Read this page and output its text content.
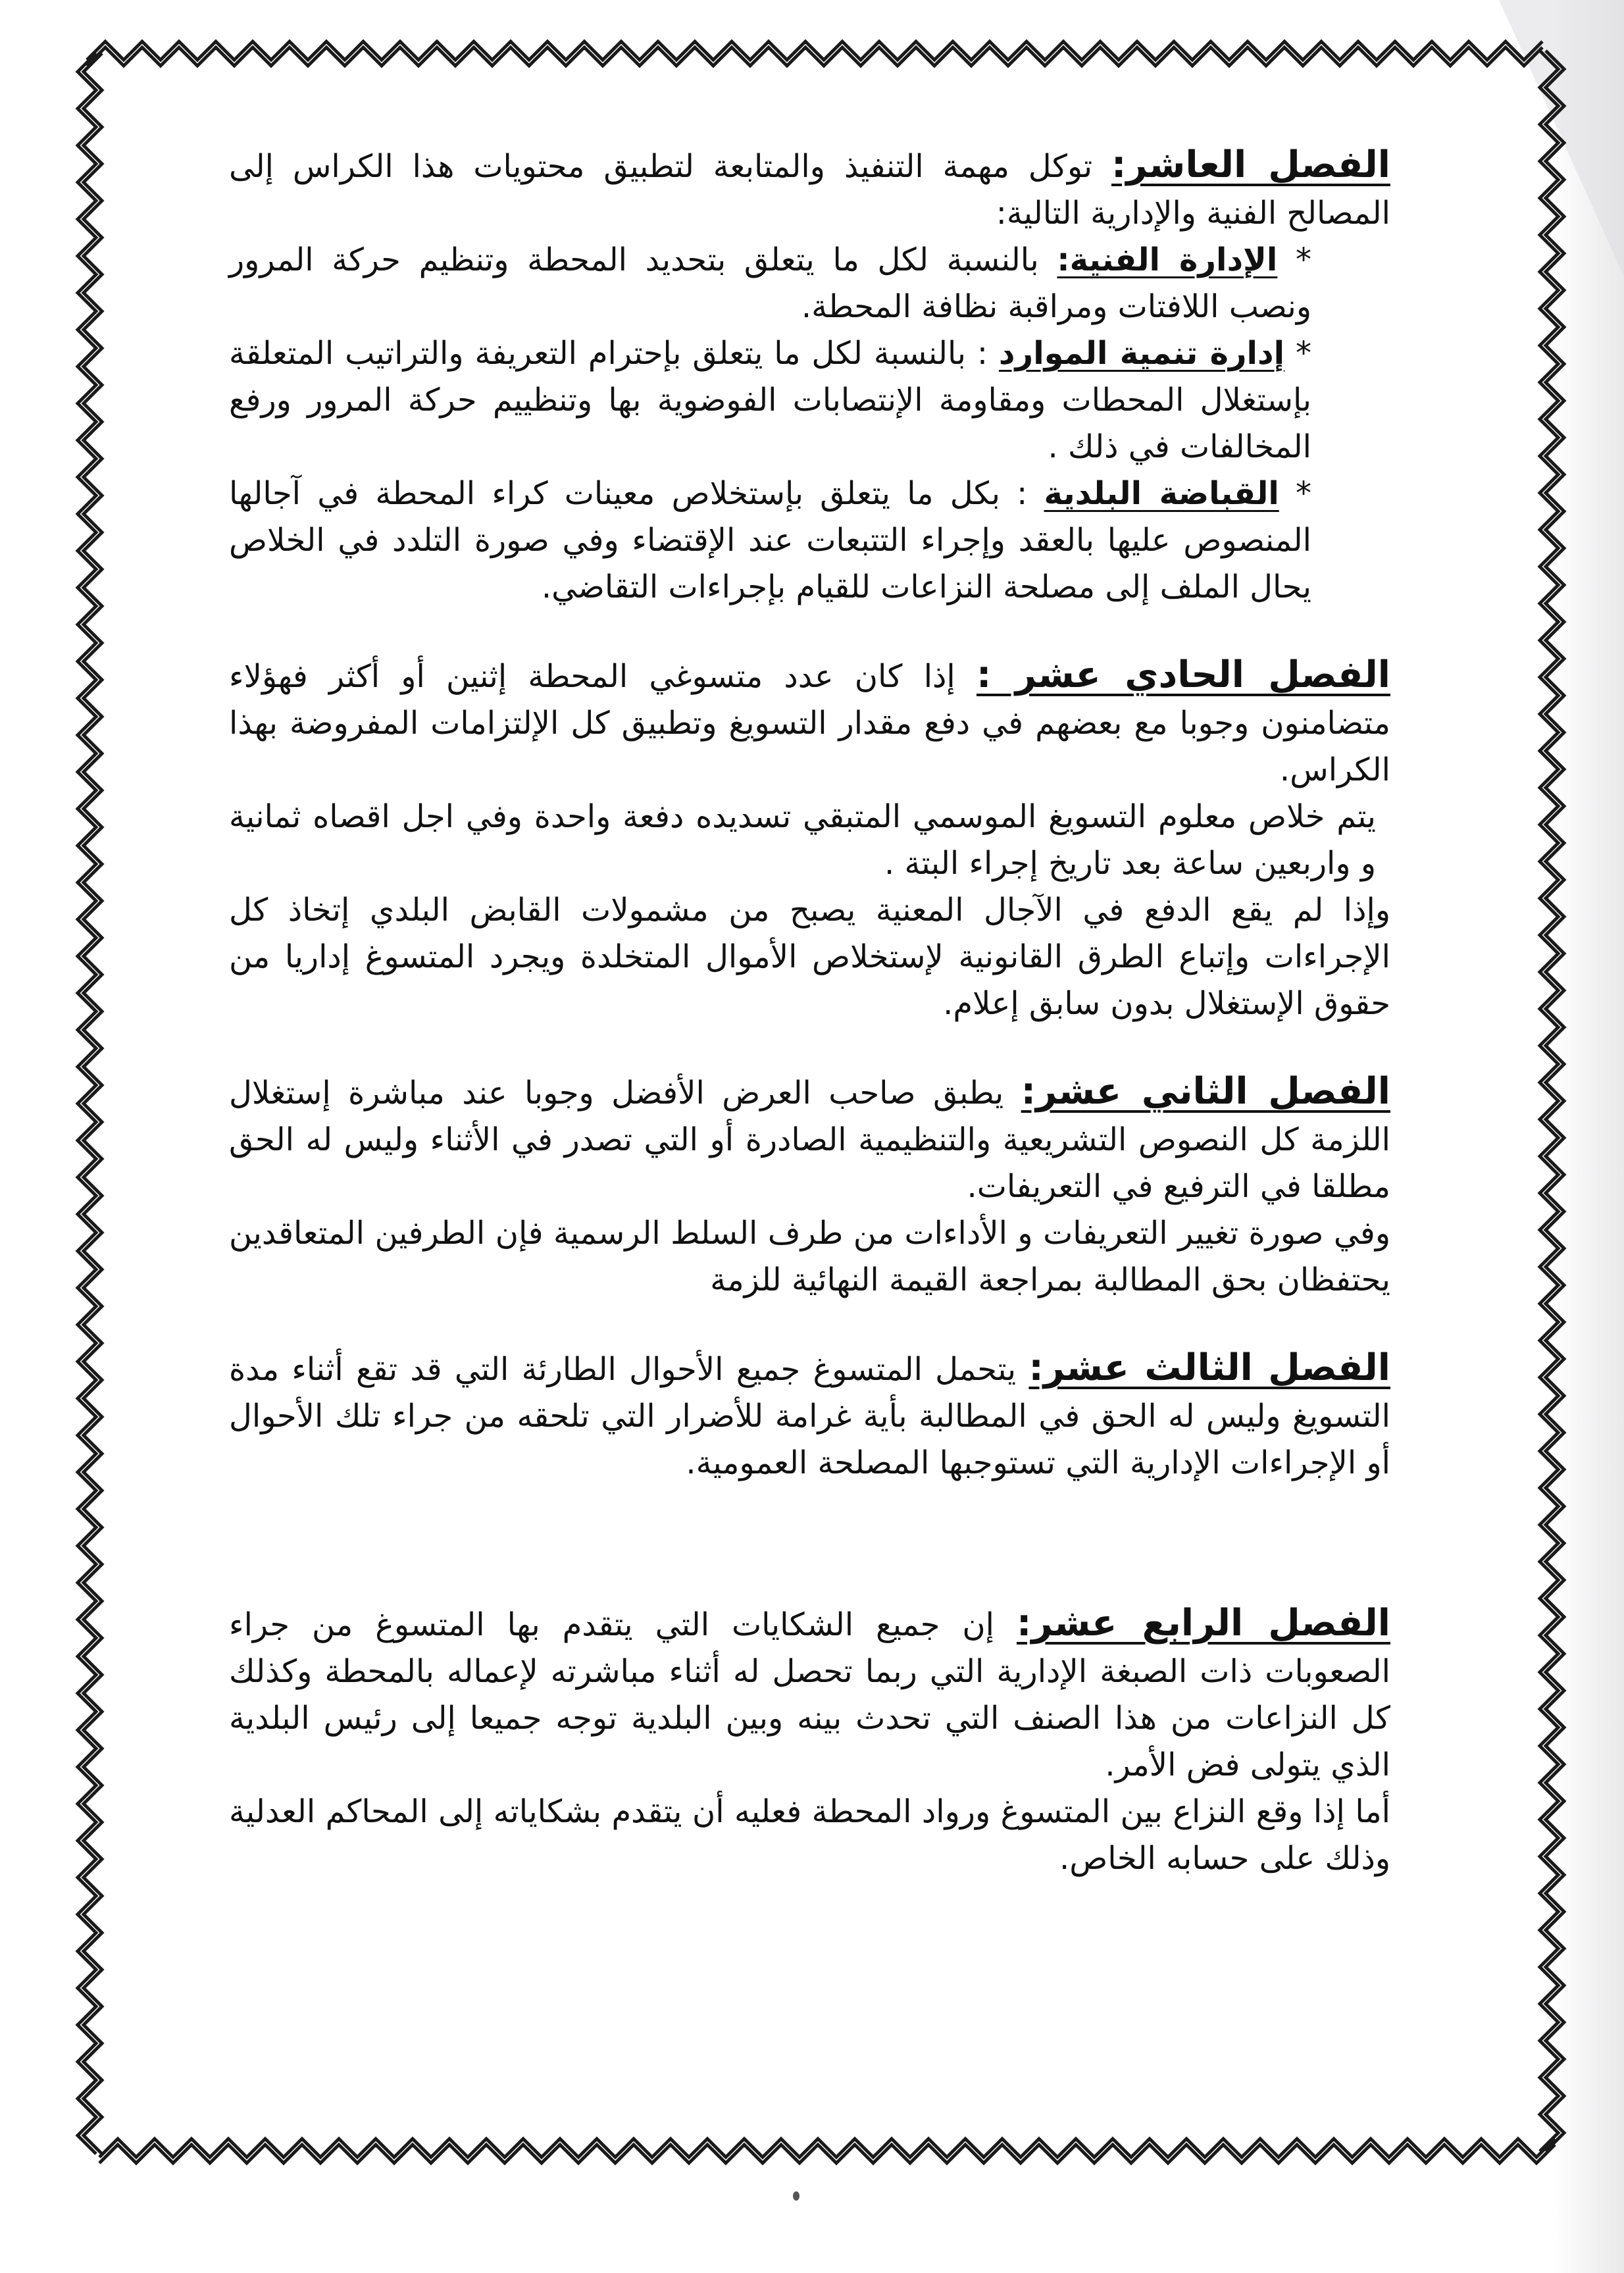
الفصل العاشر: توكل مهمة التنفيذ والمتابعة لتطبيق محتويات هذا الكراس إلى المصالح الفنية والإدارية التالية:

* الإدارة الفنية: بالنسبة لكل ما يتعلق بتحديد المحطة وتنظيم حركة المرور ونصب اللافتات ومراقبة نظافة المحطة.

* إدارة تنمية الموارد : بالنسبة لكل ما يتعلق بإحترام التعريفة والتراتيب المتعلقة بإستغلال المحطات ومقاومة الإنتصابات الفوضوية بها وتنظييم حركة المرور ورفع المخالفات في ذلك .

* القباضة البلدية : بكل ما يتعلق بإستخلاص معينات كراء المحطة في آجالها المنصوص عليها بالعقد وإجراء التتبعات عند الإقتضاء وفي صورة التلدد في الخلاص يحال الملف إلى مصلحة النزاعات للقيام بإجراءات التقاضي.

الفصل الحادي عشر : إذا كان عدد متسوغي المحطة إثنين أو أكثر فهؤلاء متضامنون وجوبا مع بعضهم في دفع مقدار التسويغ وتطبيق كل الإلتزامات المفروضة بهذا الكراس.

يتم خلاص معلوم التسويغ الموسمي المتبقي تسديده دفعة واحدة وفي اجل اقصاه ثمانية و واربعين ساعة بعد تاريخ إجراء البتة .

وإذا لم يقع الدفع في الآجال المعنية يصبح من مشمولات القابض البلدي إتخاذ كل الإجراءات وإتباع الطرق القانونية لإستخلاص الأموال المتخلدة ويجرد المتسوغ إداريا من حقوق الإستغلال بدون سابق إعلام.

الفصل الثاني عشر: يطبق صاحب العرض الأفضل وجوبا عند مباشرة إستغلال اللزمة كل النصوص التشريعية والتنظيمية الصادرة أو التي تصدر في الأثناء وليس له الحق مطلقا في الترفيع في التعريفات.

وفي صورة تغيير التعريفات و الأداءات من طرف السلط الرسمية فإن الطرفين المتعاقدين يحتفظان بحق المطالبة بمراجعة القيمة النهائية للزمة

الفصل الثالث عشر: يتحمل المتسوغ جميع الأحوال الطارئة التي قد تقع أثناء مدة التسويغ وليس له الحق في المطالبة بأية غرامة للأضرار التي تلحقه من جراء تلك الأحوال أو الإجراءات الإدارية التي تستوجبها المصلحة العمومية.

الفصل الرابع عشر: إن جميع الشكايات التي يتقدم بها المتسوغ من جراء الصعوبات ذات الصبغة الإدارية التي ربما تحصل له أثناء مباشرته لإعماله بالمحطة وكذلك كل النزاعات من هذا الصنف التي تحدث بينه وبين البلدية توجه جميعا إلى رئيس البلدية الذي يتولى فض الأمر.

أما إذا وقع النزاع بين المتسوغ ورواد المحطة فعليه أن يتقدم بشكاياته إلى المحاكم العدلية وذلك على حسابه الخاص.
